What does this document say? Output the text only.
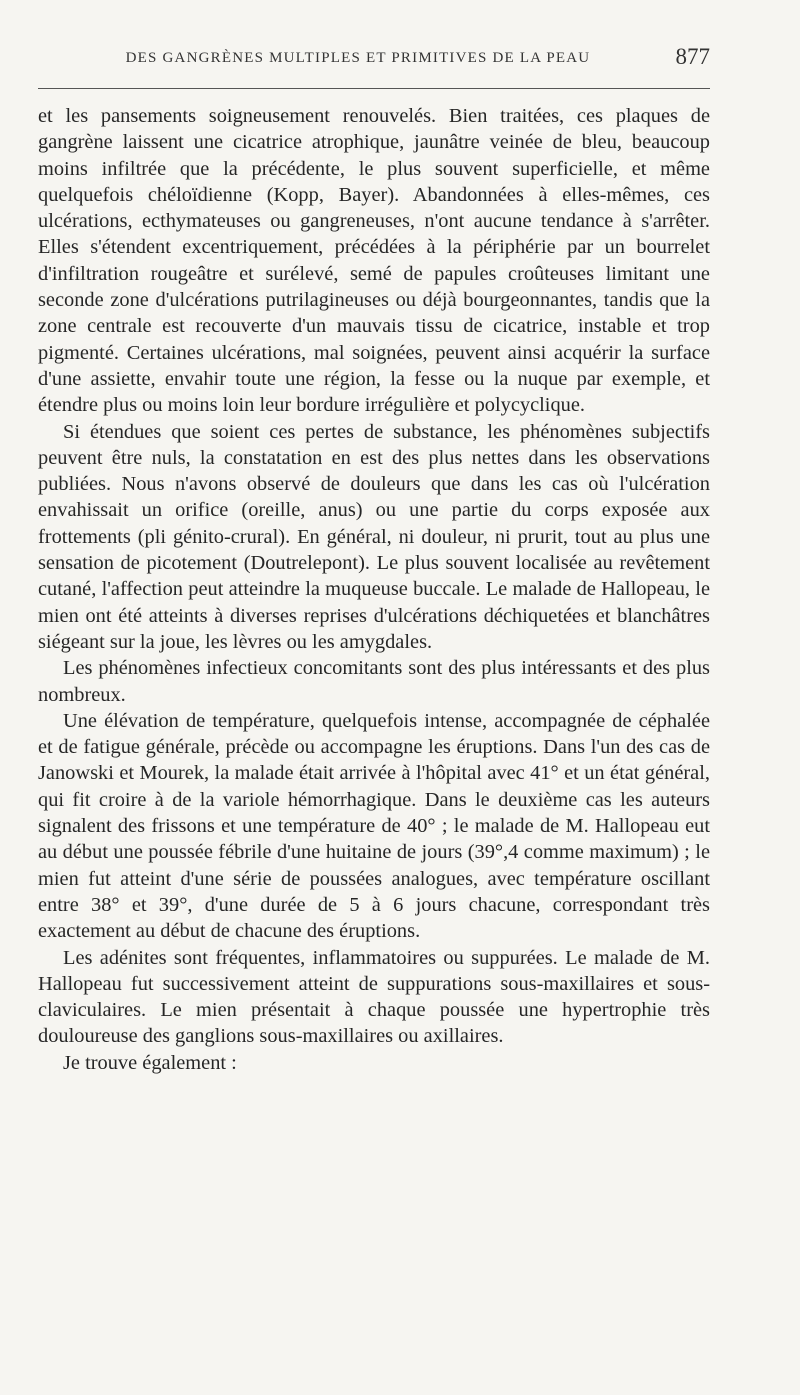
DES GANGRÈNES MULTIPLES ET PRIMITIVES DE LA PEAU	877

et les pansements soigneusement renouvelés. Bien traitées, ces plaques de gangrène laissent une cicatrice atrophique, jaunâtre veinée de bleu, beaucoup moins infiltrée que la précédente, le plus souvent superficielle, et même quelquefois chéloïdienne (Kopp, Bayer). Abandonnées à elles-mêmes, ces ulcérations, ecthymateuses ou gangreneuses, n'ont aucune tendance à s'arrêter. Elles s'étendent excentriquement, précédées à la périphérie par un bourrelet d'infiltration rougeâtre et surélevé, semé de papules croûteuses limitant une seconde zone d'ulcérations putrilagineuses ou déjà bourgeonnantes, tandis que la zone centrale est recouverte d'un mauvais tissu de cicatrice, instable et trop pigmenté. Certaines ulcérations, mal soignées, peuvent ainsi acquérir la surface d'une assiette, envahir toute une région, la fesse ou la nuque par exemple, et étendre plus ou moins loin leur bordure irrégulière et polycyclique.

Si étendues que soient ces pertes de substance, les phénomènes subjectifs peuvent être nuls, la constatation en est des plus nettes dans les observations publiées. Nous n'avons observé de douleurs que dans les cas où l'ulcération envahissait un orifice (oreille, anus) ou une partie du corps exposée aux frottements (pli génito-crural). En général, ni douleur, ni prurit, tout au plus une sensation de picotement (Doutrelepont). Le plus souvent localisée au revêtement cutané, l'affection peut atteindre la muqueuse buccale. Le malade de Hallopeau, le mien ont été atteints à diverses reprises d'ulcérations déchiquetées et blanchâtres siégeant sur la joue, les lèvres ou les amygdales.

Les phénomènes infectieux concomitants sont des plus intéressants et des plus nombreux.

Une élévation de température, quelquefois intense, accompagnée de céphalée et de fatigue générale, précède ou accompagne les éruptions. Dans l'un des cas de Janowski et Mourek, la malade était arrivée à l'hôpital avec 41° et un état général, qui fit croire à de la variole hémorrhagique. Dans le deuxième cas les auteurs signalent des frissons et une température de 40° ; le malade de M. Hallopeau eut au début une poussée fébrile d'une huitaine de jours (39°,4 comme maximum) ; le mien fut atteint d'une série de poussées analogues, avec température oscillant entre 38° et 39°, d'une durée de 5 à 6 jours chacune, correspondant très exactement au début de chacune des éruptions.

Les adénites sont fréquentes, inflammatoires ou suppurées. Le malade de M. Hallopeau fut successivement atteint de suppurations sous-maxillaires et sous-claviculaires. Le mien présentait à chaque poussée une hypertrophie très douloureuse des ganglions sous-maxillaires ou axillaires.

Je trouve également :
